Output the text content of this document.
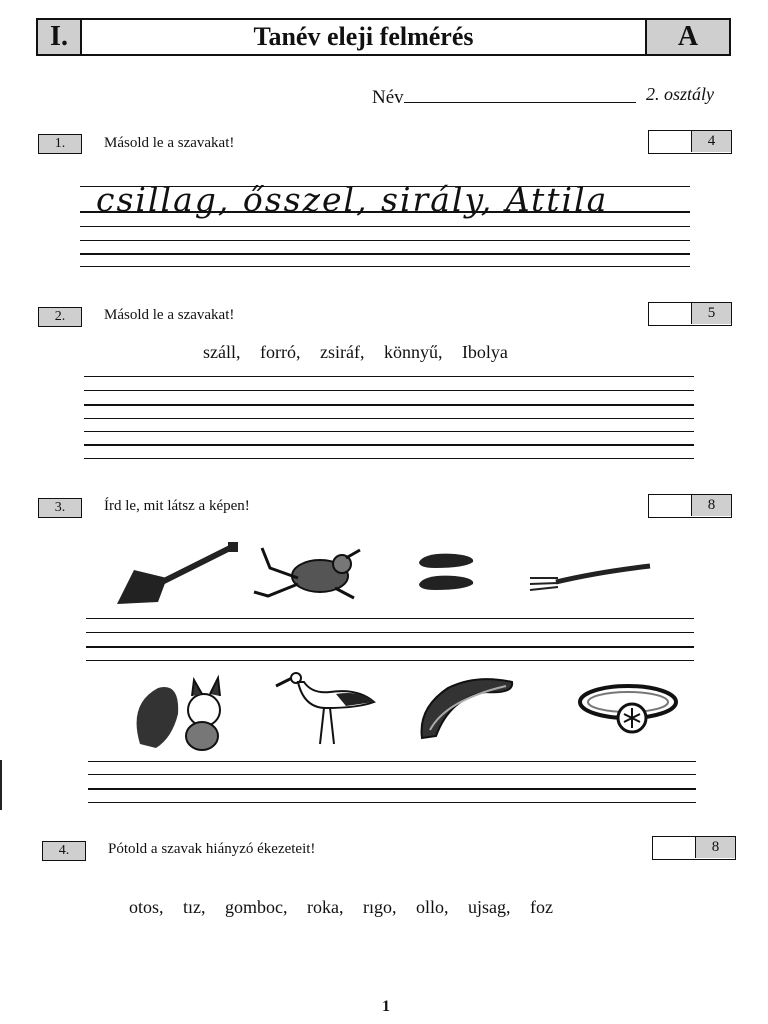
I.	Tanév eleji felmérés	A
Név	2. osztály
1.	Másold le a szavakat!	4
csillag, ősszel, sirály, Attila
2.	Másold le a szavakat!	5
száll,   forró,   zsiráf,   könnyű,   Ibolya
3.	Írd le, mit látsz a képen!	8
4.	Pótold a szavak hiányzó ékezeteit!	8
otos,   tız,   gomboc,   roka,   rıgo,   ollo,   ujsag,   foz
1
